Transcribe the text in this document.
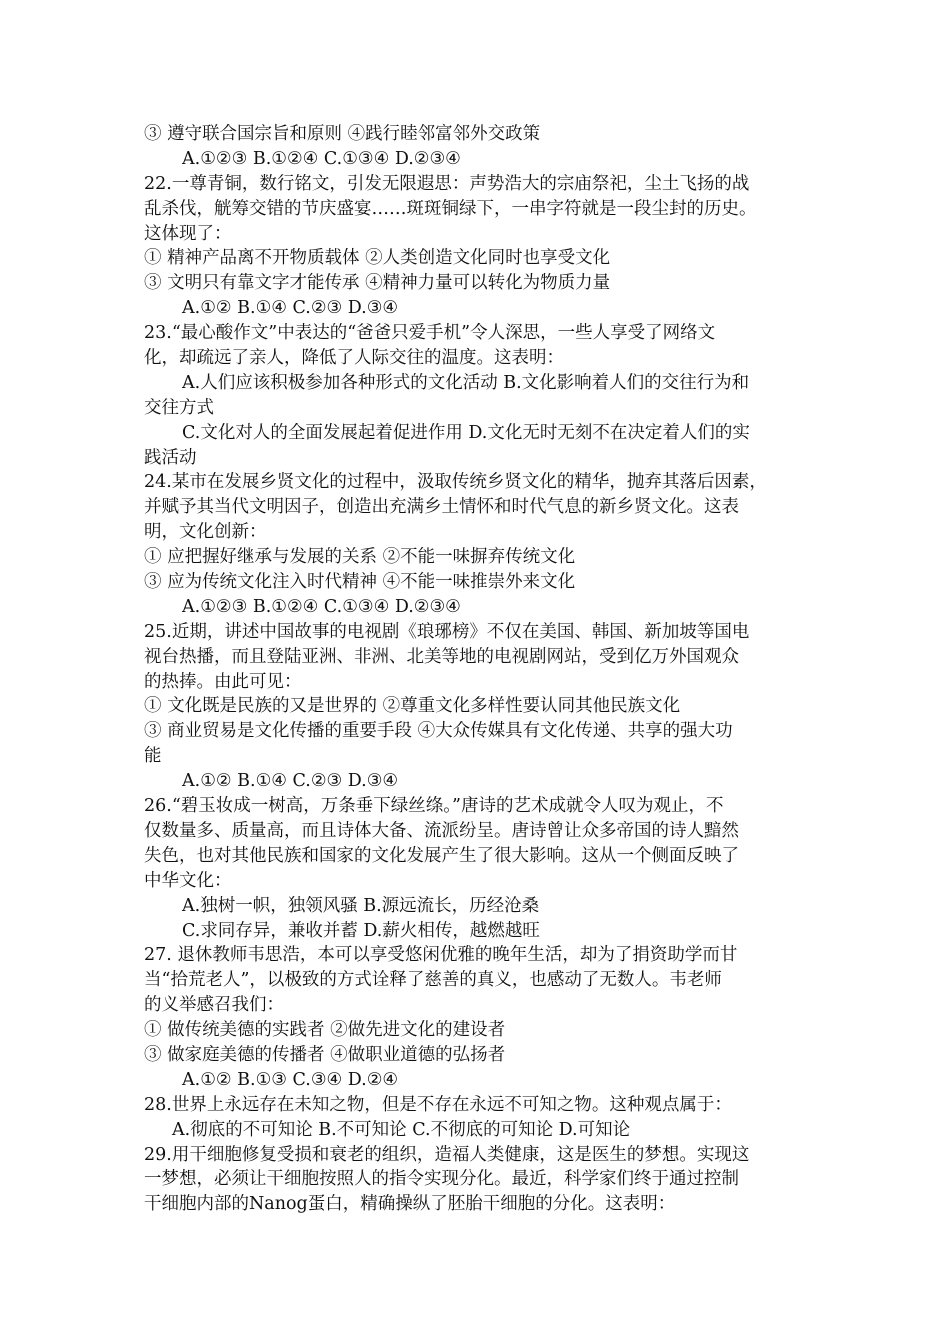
③ 遵守联合国宗旨和原则 ④践行睦邻富邻外交政策
A.①②③ B.①②④ C.①③④ D.②③④
22.一尊青铜，数行铭文，引发无限遐思：声势浩大的宗庙祭祀，尘土飞扬的战
乱杀伐，觥筹交错的节庆盛宴……斑斑铜绿下，一串字符就是一段尘封的历史。
这体现了：
① 精神产品离不开物质载体 ②人类创造文化同时也享受文化
③ 文明只有靠文字才能传承 ④精神力量可以转化为物质力量
A.①② B.①④ C.②③ D.③④
23.“最心酸作文”中表达的“爸爸只爱手机”令人深思，一些人享受了网络文
化，却疏远了亲人，降低了人际交往的温度。这表明：
A.人们应该积极参加各种形式的文化活动 B.文化影响着人们的交往行为和
交往方式
C.文化对人的全面发展起着促进作用 D.文化无时无刻不在决定着人们的实
践活动
24.某市在发展乡贤文化的过程中，汲取传统乡贤文化的精华，抛弃其落后因素，
并赋予其当代文明因子，创造出充满乡土情怀和时代气息的新乡贤文化。这表
明，文化创新：
① 应把握好继承与发展的关系 ②不能一味摒弃传统文化
③ 应为传统文化注入时代精神 ④不能一味推崇外来文化
A.①②③ B.①②④ C.①③④ D.②③④
25.近期，讲述中国故事的电视剧《琅琊榜》不仅在美国、韩国、新加坡等国电
视台热播，而且登陆亚洲、非洲、北美等地的电视剧网站，受到亿万外国观众
的热捧。由此可见：
① 文化既是民族的又是世界的 ②尊重文化多样性要认同其他民族文化
③ 商业贸易是文化传播的重要手段 ④大众传媒具有文化传递、共享的强大功
能
A.①② B.①④ C.②③ D.③④
26.“碧玉妆成一树高，万条垂下绿丝绦。”唐诗的艺术成就令人叹为观止，不
仅数量多、质量高，而且诗体大备、流派纷呈。唐诗曾让众多帝国的诗人黯然
失色，也对其他民族和国家的文化发展产生了很大影响。这从一个侧面反映了
中华文化：
A.独树一帜，独领风骚 B.源远流长，历经沧桑
C.求同存异，兼收并蓄 D.薪火相传，越燃越旺
27. 退休教师韦思浩，本可以享受悠闲优雅的晚年生活，却为了捐资助学而甘
当“拾荒老人”，以极致的方式诠释了慈善的真义，也感动了无数人。韦老师
的义举感召我们：
① 做传统美德的实践者 ②做先进文化的建设者
③ 做家庭美德的传播者 ④做职业道德的弘扬者
A.①② B.①③ C.③④ D.②④
28.世界上永远存在未知之物，但是不存在永远不可知之物。这种观点属于：
A.彻底的不可知论 B.不可知论 C.不彻底的可知论 D.可知论
29.用干细胞修复受损和衰老的组织，造福人类健康，这是医生的梦想。实现这
一梦想，必须让干细胞按照人的指令实现分化。最近，科学家们终于通过控制
干细胞内部的Nanog蛋白，精确操纵了胚胎干细胞的分化。这表明：
